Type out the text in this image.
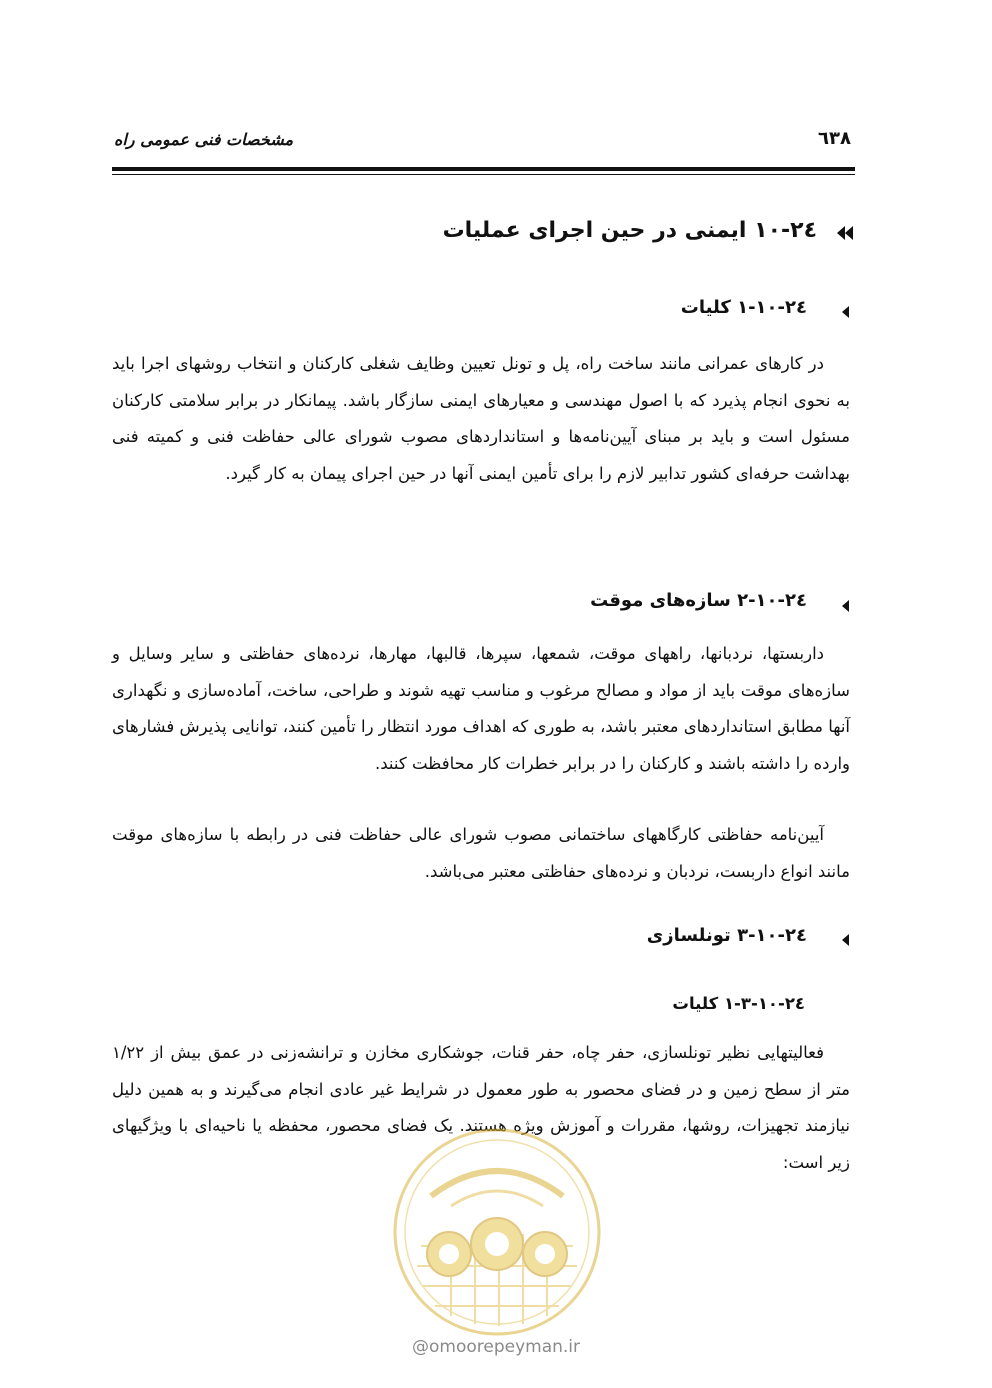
٦٣٨
مشخصات فنی عمومی راه
٢٤-١٠ ایمنی در حین اجرای عملیات
٢٤-١٠-١ کلیات
در کارهای عمرانی مانند ساخت راه، پل و تونل تعیین وظایف شغلی کارکنان و انتخاب روشهای اجرا باید به نحوی انجام پذیرد که با اصول مهندسی و معیارهای ایمنی سازگار باشد. پیمانکار در برابر سلامتی کارکنان مسئول است و باید بر مبنای آیین‌نامه‌ها و استانداردهای مصوب شورای عالی حفاظت فنی و کمیته فنی بهداشت حرفه‌ای کشور تدابیر لازم را برای تأمین ایمنی آنها در حین اجرای پیمان به کار گیرد.
٢٤-١٠-٢ سازه‌های موقت
داربستها، نردبانها، راههای موقت، شمعها، سپرها، قالبها، مهارها، نرده‌های حفاظتی و سایر وسایل و سازه‌های موقت باید از مواد و مصالح مرغوب و مناسب تهیه شوند و طراحی، ساخت، آماده‌سازی و نگهداری آنها مطابق استانداردهای معتبر باشد، به طوری که اهداف مورد انتظار را تأمین کنند، توانایی پذیرش فشارهای وارده را داشته باشند و کارکنان را در برابر خطرات کار محافظت کنند.
آیین‌نامه حفاظتی کارگاههای ساختمانی مصوب شورای عالی حفاظت فنی در رابطه با سازه‌های موقت مانند انواع داربست، نردبان و نرده‌های حفاظتی معتبر می‌باشد.
٢٤-١٠-٣ تونلسازی
٢٤-١٠-٣-١ کلیات
فعالیتهایی نظیر تونلسازی، حفر چاه، حفر قنات، جوشکاری مخازن و ترانشه‌زنی در عمق بیش از ١/٢٢ متر از سطح زمین و در فضای محصور به طور معمول در شرایط غیر عادی انجام می‌گیرند و به همین دلیل نیازمند تجهیزات، روشها، مقررات و آموزش ویژه هستند. یک فضای محصور، محفظه یا ناحیه‌ای با ویژگیهای زیر است:
@omoorepeyman.ir
